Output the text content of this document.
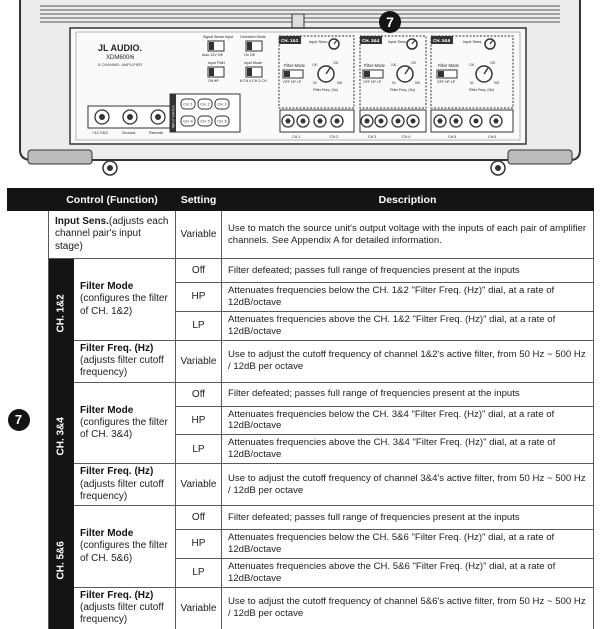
JL AUDIO.
XDM600/6
6 CHANNEL AMPLIFIER
Signal Sense Input
Auto 12V Off
Input Filter
Off HP
Overdrive Mode
On Off
Input Mode
6 CH 4 CH 2 CH
+12 VDC	Ground	Remote
INPUT STATUS
CH. 1 CH. 2 CH. 3
CH. 4 CH. 5 CH. 6
CH. 1&2	Input Sens.
Filter Mode
OFF HP LP	50
100	200
500
Filter Freq. (Hz)
CH. 3&4 Input Sens.
Filter Mode
OFF HP LP	50
100	200
500
Filter Freq. (Hz)
CH. 5&6	Input Sens.
Filter Mode
OFF HP LP	50
100	200
500
Filter Freq. (Hz)
CH.1	CH.2	CH.3	CH.4	CH.5	CH.6
7
	Control (Function)		Setting	Description
7	Input Sens.(adjusts each channel pair's input stage)		Variable	Use to match the source unit's output voltage with the inputs of each pair of amplifier channels. See Appendix A for detailed information.

	CH. 1&2	Filter Mode
(configures the filter of CH. 1&2)	Off	Filter defeated; passes full range of frequencies present at the inputs
			HP	Attenuates frequencies below the CH. 1&2 "Filter Freq. (Hz)" dial, at a rate of 12dB/octave
			LP	Attenuates frequencies above the CH. 1&2 "Filter Freq. (Hz)" dial, at a rate of 12dB/octave

		Filter Freq. (Hz)
(adjusts filter cutoff frequency)	Variable	Use to adjust the cutoff frequency of channel 1&2's active filter, from 50 Hz ~ 500 Hz / 12dB per octave

	CH. 3&4	Filter Mode
(configures the filter of CH. 3&4)	Off	Filter defeated; passes full range of frequencies present at the inputs
			HP	Attenuates frequencies below the CH. 3&4 "Filter Freq. (Hz)" dial, at a rate of 12dB/octave
			LP	Attenuates frequencies above the CH. 3&4 "Filter Freq. (Hz)" dial, at a rate of 12dB/octave

		Filter Freq. (Hz)
(adjusts filter cutoff frequency)	Variable	Use to adjust the cutoff frequency of channel 3&4's active filter, from 50 Hz ~ 500 Hz / 12dB per octave

	CH. 5&6	Filter Mode
(configures the filter of CH. 5&6)	Off	Filter defeated; passes full range of frequencies present at the inputs
			HP	Attenuates frequencies below the CH. 5&6 "Filter Freq. (Hz)" dial, at a rate of 12dB/octave
			LP	Attenuates frequencies above the CH. 5&6 "Filter Freq. (Hz)" dial, at a rate of 12dB/octave

		Filter Freq. (Hz)
(adjusts filter cutoff frequency)	Variable	Use to adjust the cutoff frequency of channel 5&6's active filter, from 50 Hz ~ 500 Hz / 12dB per octave
